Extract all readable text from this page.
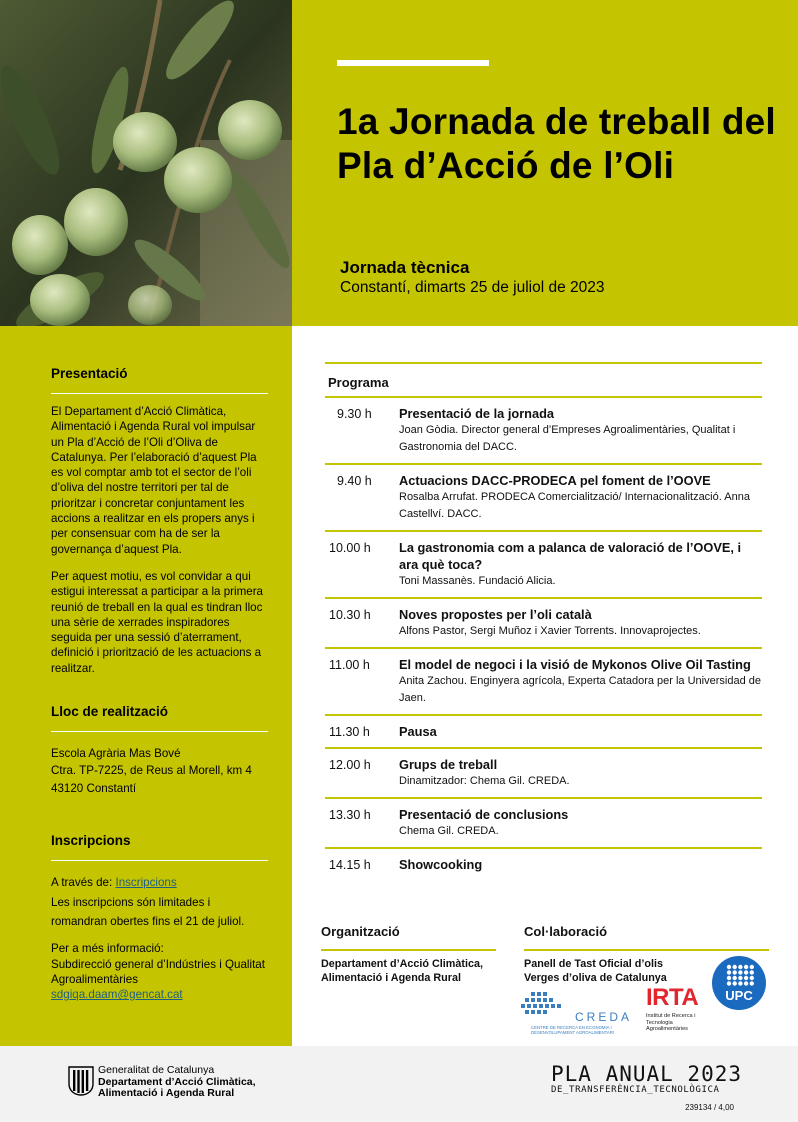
1a Jornada de treball del Pla d’Acció de l’Oli
Jornada tècnica
Constantí, dimarts 25 de juliol de 2023
Presentació

El Departament d’Acció Climàtica, Alimentació i Agenda Rural vol impulsar un Pla d’Acció de l’Oli d’Oliva de Catalunya. Per l’elaboració d’aquest Pla es vol comptar amb tot el sector de l’oli d’oliva del nostre territori per tal de prioritzar i concretar conjuntament les accions a realitzar en els propers anys i per consensuar com ha de ser la governança d’aquest Pla.

Per aquest motiu, es vol convidar a qui estigui interessat a participar a la primera reunió de treball en la qual es tindran lloc una sèrie de xerrades inspiradores seguida per una sessió d’aterrament, definició i priorització de les actuacions a realitzar.

Lloc de realització

Escola Agrària Mas Bové

Ctra. TP-7225, de Reus al Morell, km 4

43120 Constantí

Inscripcions

A través de: Inscripcions

Les inscripcions són limitades i romandran obertes fins el 21 de juliol.

Per a més informació:

Subdirecció general d’Indústries i Qualitat Agroalimentàries

sdgiqa.daam@gencat.cat
Programa
9.30 h Presentació de la jornada
Joan Gòdia. Director general d’Empreses Agroalimentàries, Qualitat i Gastronomia del DACC.
9.40 h Actuacions DACC-PRODECA pel foment de l’OOVE
Rosalba Arrufat. PRODECA Comercialització/ Internacionalització. Anna Castellví. DACC.
10.00 h La gastronomia com a palanca de valoració de l’OOVE, i ara què toca?
Toni Massanès. Fundació Alicia.
10.30 h Noves propostes per l’oli català
Alfons Pastor, Sergi Muñoz i Xavier Torrents. Innovaprojectes.
11.00 h El model de negoci i la visió de Mykonos Olive Oil Tasting
Anita Zachou. Enginyera agrícola, Experta Catadora per la Universidad de Jaen.
11.30 h Pausa
12.00 h Grups de treball
Dinamitzador: Chema Gil. CREDA.
13.30 h Presentació de conclusions
Chema Gil. CREDA.
14.15 h Showcooking
Organització
Departament d’Acció Climàtica, Alimentació i Agenda Rural
Col·laboració
Panell de Tast Oficial d’olis Verges d’oliva de Catalunya
CREDA
CENTRE DE RECERCA EN ECONOMIA I DESENVOLUPAMENT AGROALIMENTARI
IRTA
Institut de Recerca i Tecnologia Agroalimentàries
UPC
Generalitat de Catalunya
Departament d’Acció Climàtica,
Alimentació i Agenda Rural
PLA ANUAL 2023
DE_TRANSFERÈNCIA_TECNOLÒGICA
239134 / 4,00
